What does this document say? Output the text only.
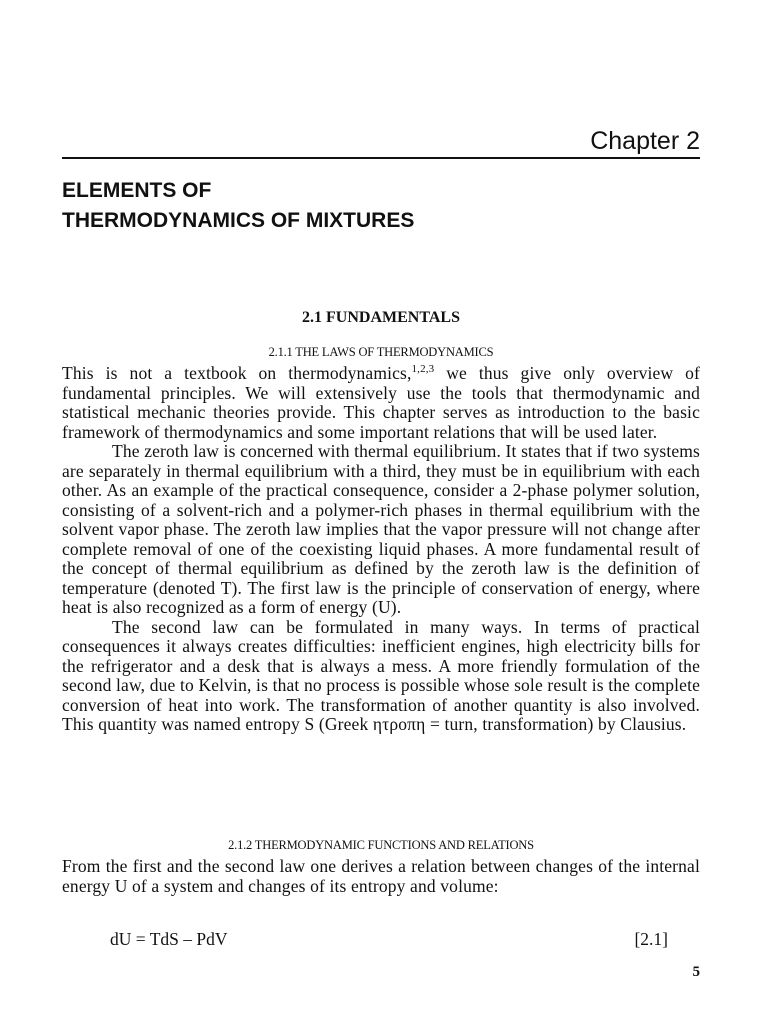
Chapter 2
ELEMENTS OF
THERMODYNAMICS OF MIXTURES
2.1 FUNDAMENTALS
2.1.1 THE LAWS OF THERMODYNAMICS

This is not a textbook on thermodynamics,$^{1,2,3}$ we thus give only overview of fundamental principles. We will extensively use the tools that thermodynamic and statistical mechanic theories provide. This chapter serves as introduction to the basic framework of thermodynamics and some important relations that will be used later.

The zeroth law is concerned with thermal equilibrium. It states that if two systems are separately in thermal equilibrium with a third, they must be in equilibrium with each other. As an example of the practical consequence, consider a 2-phase polymer solution, consisting of a solvent-rich and a polymer-rich phases in thermal equilibrium with the solvent vapor phase. The zeroth law implies that the vapor pressure will not change after complete removal of one of the coexisting liquid phases. A more fundamental result of the concept of thermal equilibrium as defined by the zeroth law is the definition of temperature (denoted T). The first law is the principle of conservation of energy, where heat is also recognized as a form of energy (U).

The second law can be formulated in many ways. In terms of practical consequences it always creates difficulties: inefficient engines, high electricity bills for the refrigerator and a desk that is always a mess. A more friendly formulation of the second law, due to Kelvin, is that no process is possible whose sole result is the complete conversion of heat into work. The transformation of another quantity is also involved. This quantity was named entropy S (Greek ητροπη = turn, transformation) by Clausius.

2.1.2 THERMODYNAMIC FUNCTIONS AND RELATIONS

From the first and the second law one derives a relation between changes of the internal energy U of a system and changes of its entropy and volume:

dU = TdS – PdV	[2.1]
5
